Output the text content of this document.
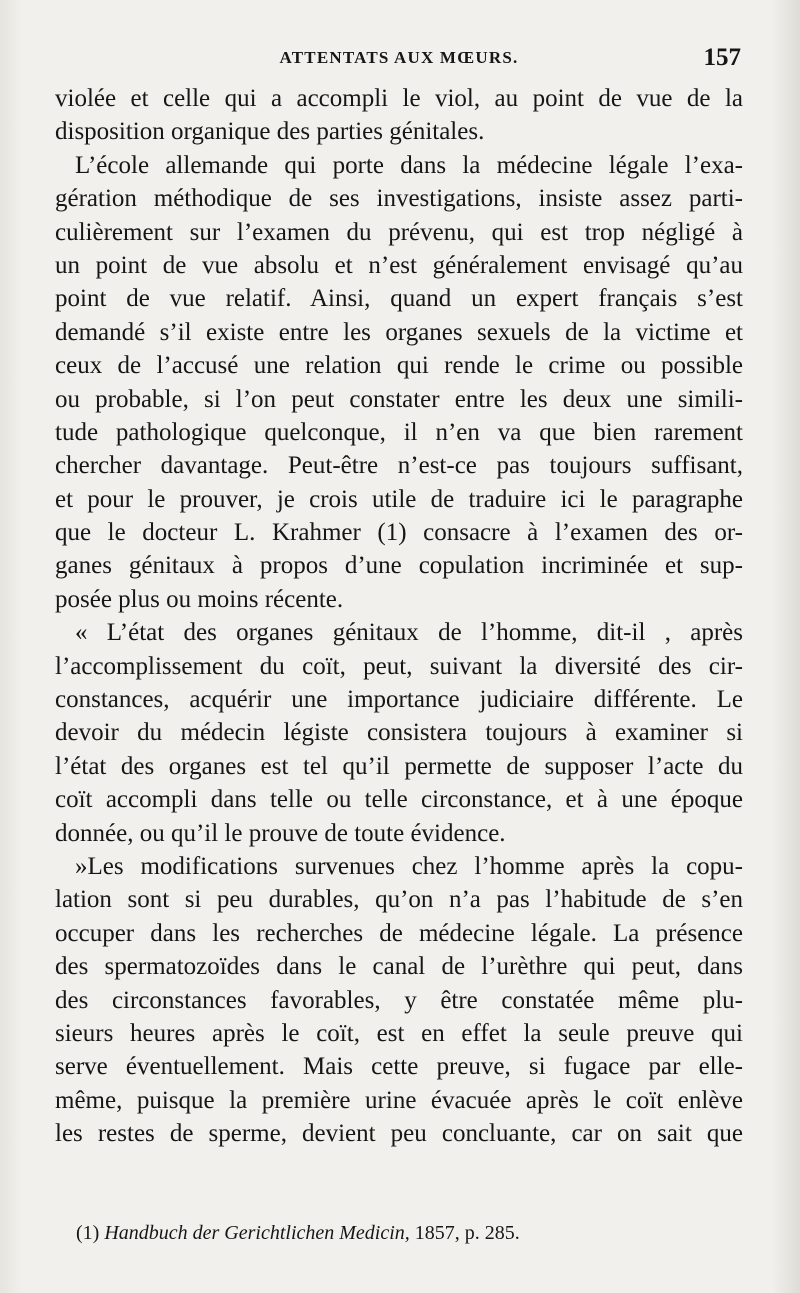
ATTENTATS AUX MŒURS.	157
violée et celle qui a accompli le viol, au point de vue de la
disposition organique des parties génitales.
L’école allemande qui porte dans la médecine légale l’exa-
gération méthodique de ses investigations, insiste assez parti-
culièrement sur l’examen du prévenu, qui est trop négligé à
un point de vue absolu et n’est généralement envisagé qu’au
point de vue relatif. Ainsi, quand un expert français s’est
demandé s’il existe entre les organes sexuels de la victime et
ceux de l’accusé une relation qui rende le crime ou possible
ou probable, si l’on peut constater entre les deux une simili-
tude pathologique quelconque, il n’en va que bien rarement
chercher davantage. Peut-être n’est-ce pas toujours suffisant,
et pour le prouver, je crois utile de traduire ici le paragraphe
que le docteur L. Krahmer (1) consacre à l’examen des or-
ganes génitaux à propos d’une copulation incriminée et sup-
posée plus ou moins récente.
« L’état des organes génitaux de l’homme, dit-il , après
l’accomplissement du coït, peut, suivant la diversité des cir-
constances, acquérir une importance judiciaire différente. Le
devoir du médecin légiste consistera toujours à examiner si
l’état des organes est tel qu’il permette de supposer l’acte du
coït accompli dans telle ou telle circonstance, et à une époque
donnée, ou qu’il le prouve de toute évidence.
»Les modifications survenues chez l’homme après la copu-
lation sont si peu durables, qu’on n’a pas l’habitude de s’en
occuper dans les recherches de médecine légale. La présence
des spermatozoïdes dans le canal de l’urèthre qui peut, dans
des circonstances favorables, y être constatée même plu-
sieurs heures après le coït, est en effet la seule preuve qui
serve éventuellement. Mais cette preuve, si fugace par elle-
même, puisque la première urine évacuée après le coït enlève
les restes de sperme, devient peu concluante, car on sait que
(1) Handbuch der Gerichtlichen Medicin, 1857, p. 285.
